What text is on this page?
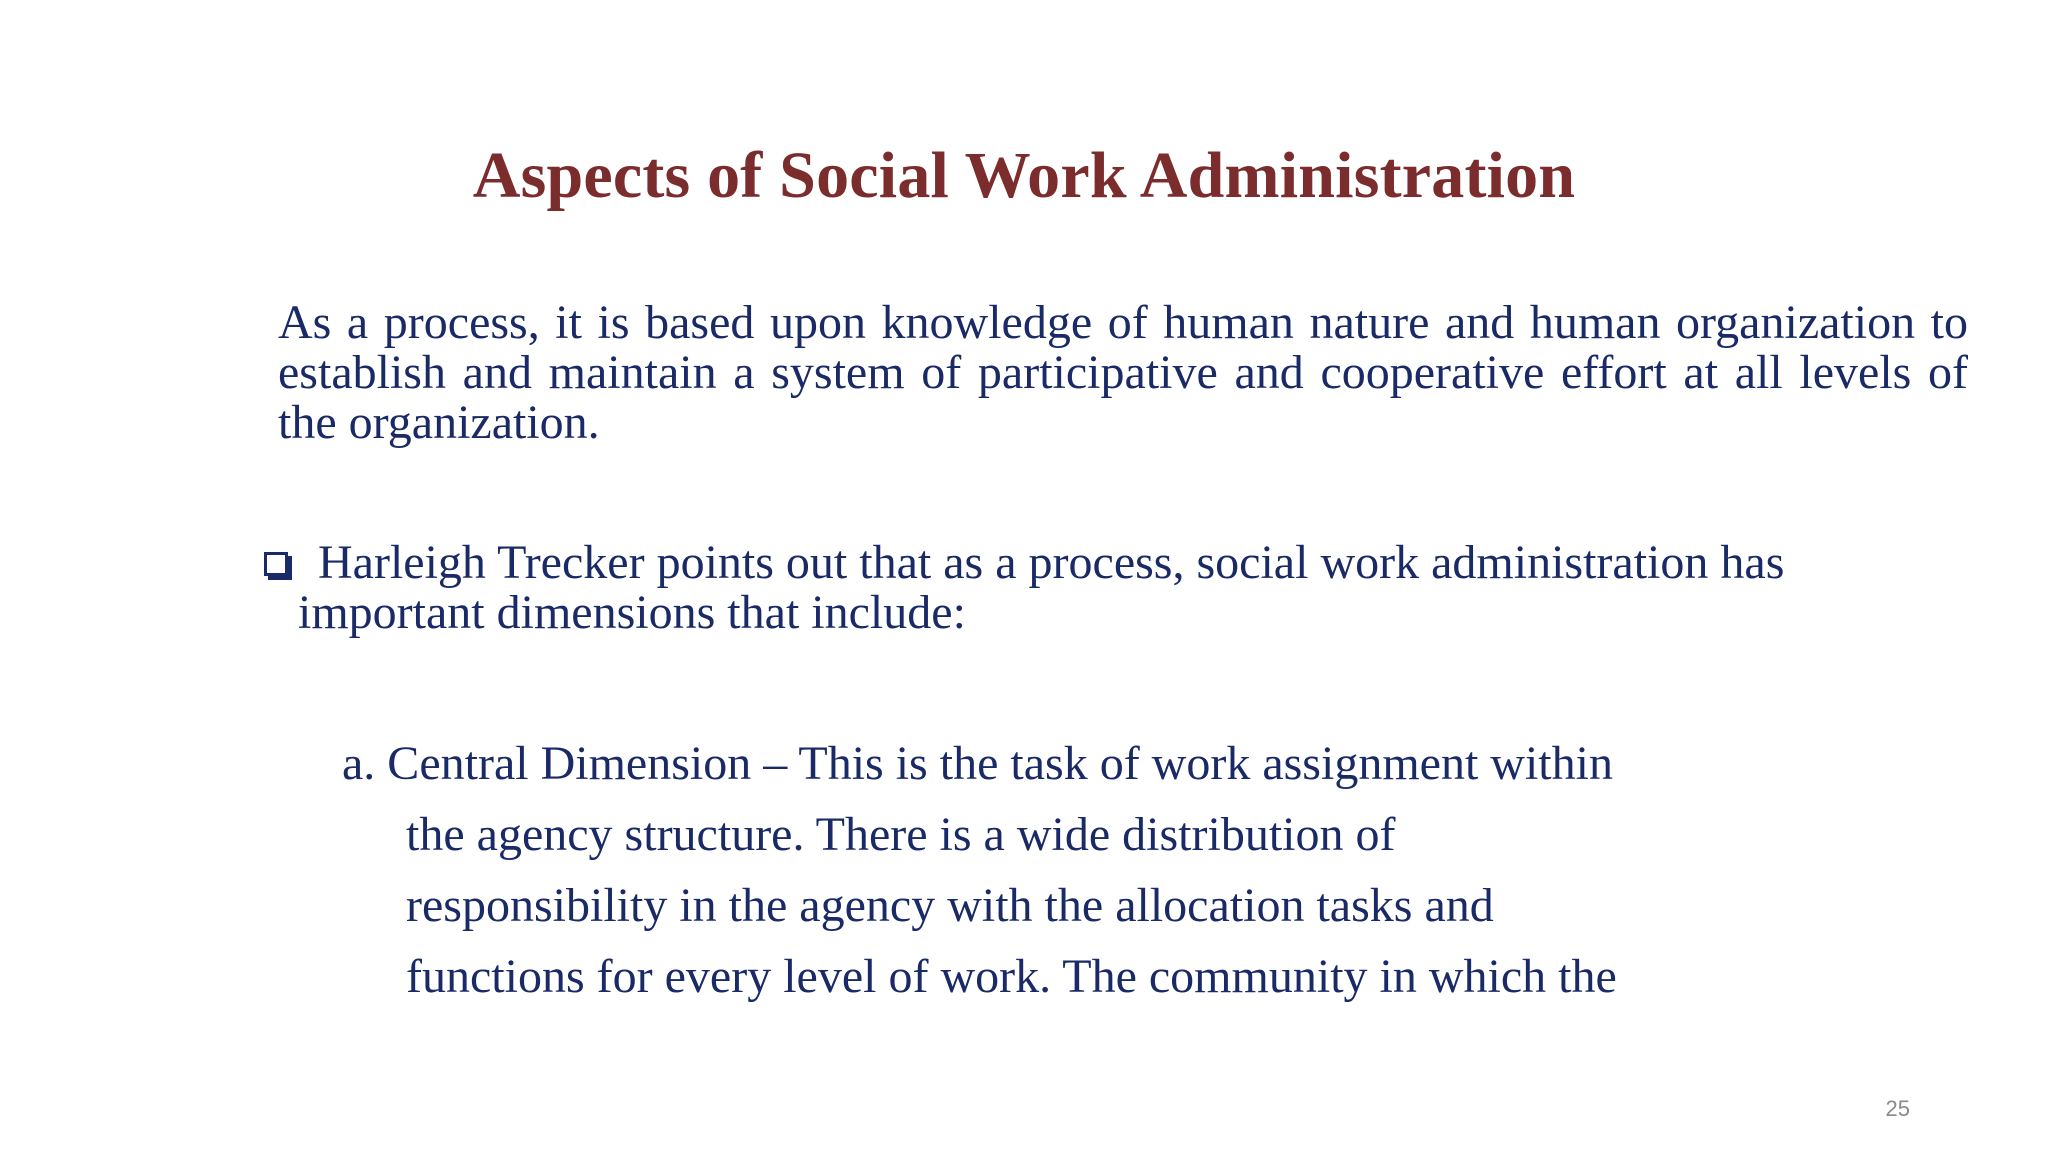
Aspects of Social Work Administration
As a process, it is based upon knowledge of human nature and human organization to establish and maintain a system of participative and cooperative effort at all levels of the organization.
Harleigh Trecker points out that as a process, social work administration has
important dimensions that include:
a. Central Dimension – This is the task of work assignment within
the agency structure. There is a wide distribution of
responsibility in the agency with the allocation tasks and
functions for every level of work. The community in which the
25
